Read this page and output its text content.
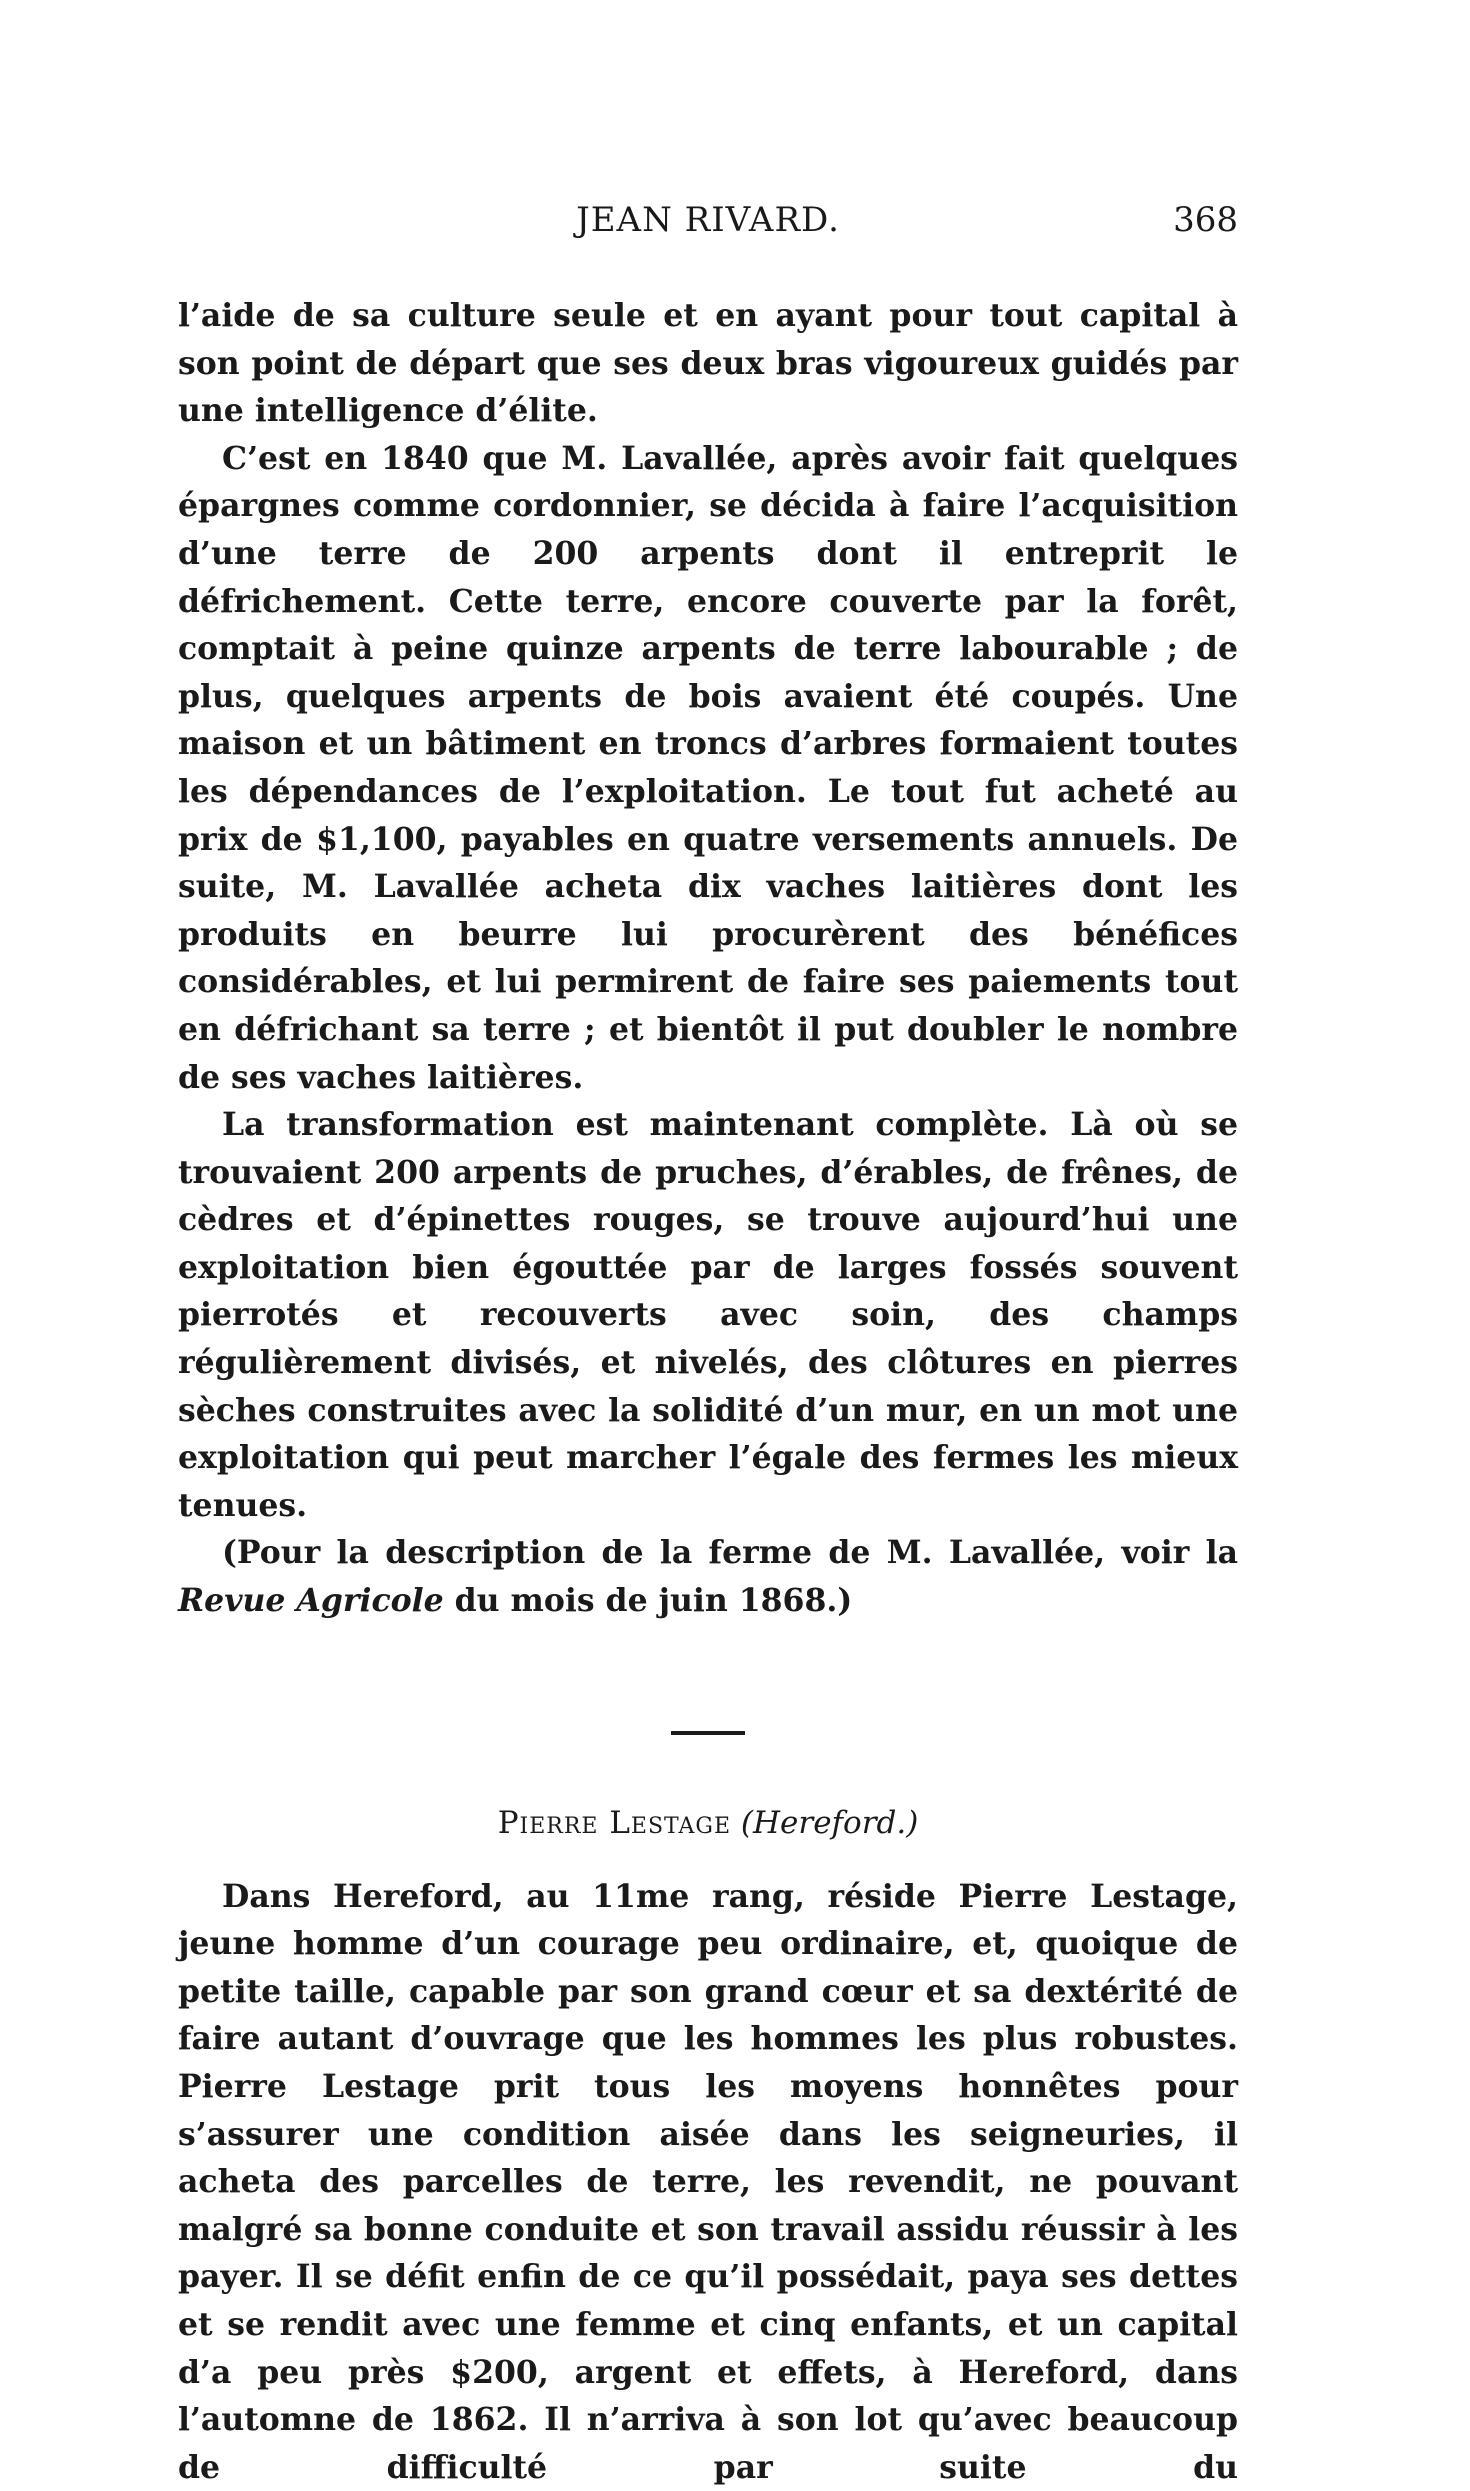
JEAN RIVARD.	368

l’aide de sa culture seule et en ayant pour tout capital à son point de départ que ses deux bras vigoureux guidés par une intelligence d’élite.

C’est en 1840 que M. Lavallée, après avoir fait quelques épargnes comme cordonnier, se décida à faire l’acquisition d’une terre de 200 arpents dont il entreprit le défrichement. Cette terre, encore couverte par la forêt, comptait à peine quinze arpents de terre labourable ; de plus, quelques arpents de bois avaient été coupés. Une maison et un bâtiment en troncs d’arbres formaient toutes les dépendances de l’exploitation. Le tout fut acheté au prix de $1,100, payables en quatre versements annuels. De suite, M. Lavallée acheta dix vaches laitières dont les produits en beurre lui procurèrent des bénéfices considérables, et lui permirent de faire ses paiements tout en défrichant sa terre ; et bientôt il put doubler le nombre de ses vaches laitières.

La transformation est maintenant complète. Là où se trouvaient 200 arpents de pruches, d’érables, de frênes, de cèdres et d’épinettes rouges, se trouve aujourd’hui une exploitation bien égouttée par de larges fossés souvent pierrotés et recouverts avec soin, des champs régulièrement divisés, et nivelés, des clôtures en pierres sèches construites avec la solidité d’un mur, en un mot une exploitation qui peut marcher l’égale des fermes les mieux tenues.

(Pour la description de la ferme de M. Lavallée, voir la Revue Agricole du mois de juin 1868.)

Pierre Lestage (Hereford.)

Dans Hereford, au 11me rang, réside Pierre Lestage, jeune homme d’un courage peu ordinaire, et, quoique de petite taille, capable par son grand cœur et sa dextérité de faire autant d’ouvrage que les hommes les plus robustes. Pierre Lestage prit tous les moyens honnêtes pour s’assurer une condition aisée dans les seigneuries, il acheta des parcelles de terre, les revendit, ne pouvant malgré sa bonne conduite et son travail assidu réussir à les payer. Il se défit enfin de ce qu’il possédait, paya ses dettes et se rendit avec une femme et cinq enfants, et un capital d’a peu près $200, argent et effets, à Hereford, dans l’automne de 1862. Il n’arriva à son lot qu’avec beaucoup de difficulté par suite du
